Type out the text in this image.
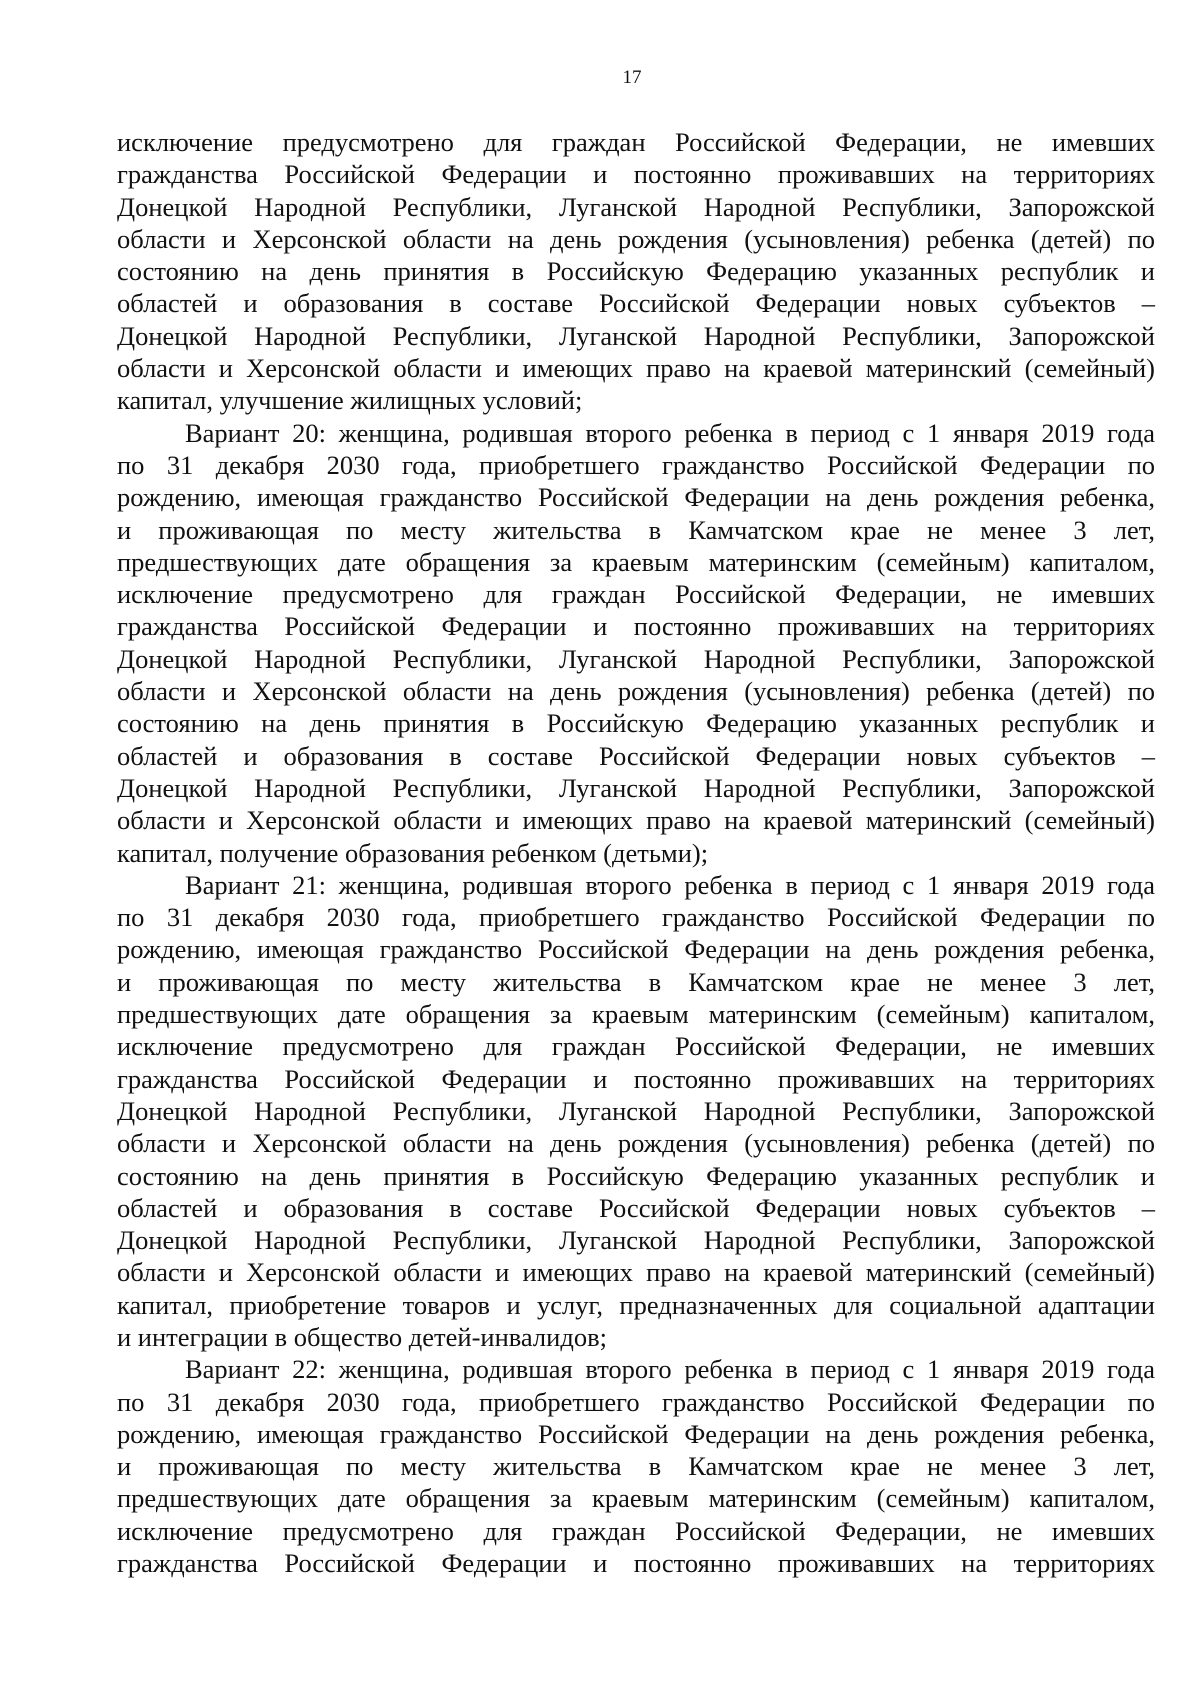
17
исключение предусмотрено для граждан Российской Федерации, не имевших
гражданства Российской Федерации и постоянно проживавших на территориях
Донецкой Народной Республики, Луганской Народной Республики, Запорожской
области и Херсонской области на день рождения (усыновления) ребенка (детей) по
состоянию на день принятия в Российскую Федерацию указанных республик и
областей и образования в составе Российской Федерации новых субъектов –
Донецкой Народной Республики, Луганской Народной Республики, Запорожской
области и Херсонской области и имеющих право на краевой материнский (семейный)
капитал, улучшение жилищных условий;
Вариант 20: женщина, родившая второго ребенка в период с 1 января 2019 года
по 31 декабря 2030 года, приобретшего гражданство Российской Федерации по
рождению, имеющая гражданство Российской Федерации на день рождения ребенка,
и проживающая по месту жительства в Камчатском крае не менее 3 лет,
предшествующих дате обращения за краевым материнским (семейным) капиталом,
исключение предусмотрено для граждан Российской Федерации, не имевших
гражданства Российской Федерации и постоянно проживавших на территориях
Донецкой Народной Республики, Луганской Народной Республики, Запорожской
области и Херсонской области на день рождения (усыновления) ребенка (детей) по
состоянию на день принятия в Российскую Федерацию указанных республик и
областей и образования в составе Российской Федерации новых субъектов –
Донецкой Народной Республики, Луганской Народной Республики, Запорожской
области и Херсонской области и имеющих право на краевой материнский (семейный)
капитал, получение образования ребенком (детьми);
Вариант 21: женщина, родившая второго ребенка в период с 1 января 2019 года
по 31 декабря 2030 года, приобретшего гражданство Российской Федерации по
рождению, имеющая гражданство Российской Федерации на день рождения ребенка,
и проживающая по месту жительства в Камчатском крае не менее 3 лет,
предшествующих дате обращения за краевым материнским (семейным) капиталом,
исключение предусмотрено для граждан Российской Федерации, не имевших
гражданства Российской Федерации и постоянно проживавших на территориях
Донецкой Народной Республики, Луганской Народной Республики, Запорожской
области и Херсонской области на день рождения (усыновления) ребенка (детей) по
состоянию на день принятия в Российскую Федерацию указанных республик и
областей и образования в составе Российской Федерации новых субъектов –
Донецкой Народной Республики, Луганской Народной Республики, Запорожской
области и Херсонской области и имеющих право на краевой материнский (семейный)
капитал, приобретение товаров и услуг, предназначенных для социальной адаптации
и интеграции в общество детей-инвалидов;
Вариант 22: женщина, родившая второго ребенка в период с 1 января 2019 года
по 31 декабря 2030 года, приобретшего гражданство Российской Федерации по
рождению, имеющая гражданство Российской Федерации на день рождения ребенка,
и проживающая по месту жительства в Камчатском крае не менее 3 лет,
предшествующих дате обращения за краевым материнским (семейным) капиталом,
исключение предусмотрено для граждан Российской Федерации, не имевших
гражданства Российской Федерации и постоянно проживавших на территориях
